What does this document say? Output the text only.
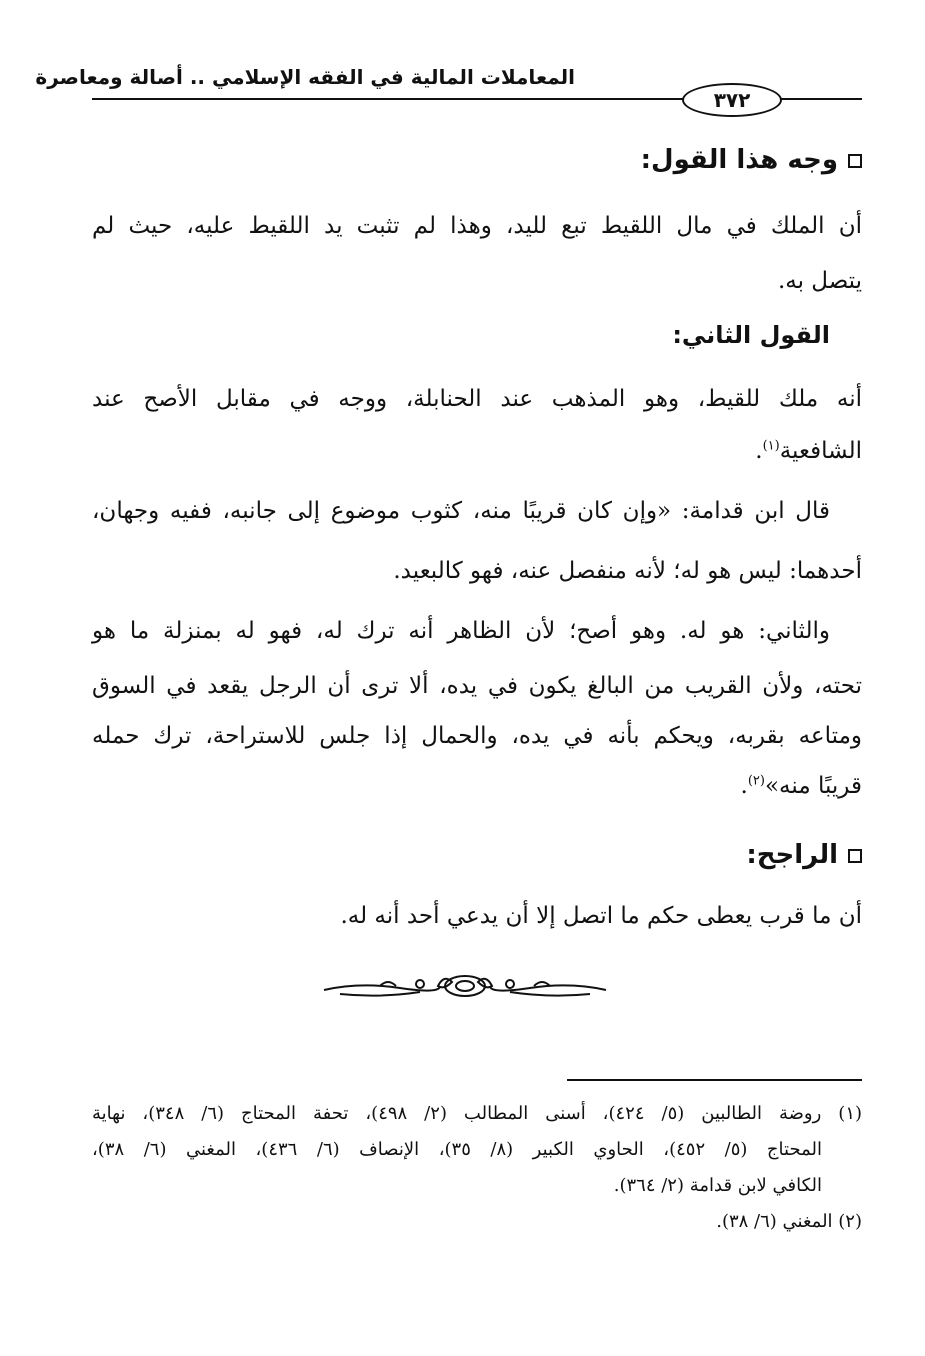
المعاملات المالية في الفقه الإسلامي .. أصالة ومعاصرة
٣٧٢
وجه هذا القول:
أن الملك في مال اللقيط تبع لليد، وهذا لم تثبت يد اللقيط عليه، حيث لم
يتصل به.
القول الثاني:
أنه ملك للقيط، وهو المذهب عند الحنابلة، ووجه في مقابل الأصح عند
الشافعية$^{(١)}$.
قال ابن قدامة: «وإن كان قريبًا منه، كثوب موضوع إلى جانبه، ففيه وجهان،
أحدهما: ليس هو له؛ لأنه منفصل عنه، فهو كالبعيد.
والثاني: هو له. وهو أصح؛ لأن الظاهر أنه ترك له، فهو له بمنزلة ما هو
تحته، ولأن القريب من البالغ يكون في يده، ألا ترى أن الرجل يقعد في السوق
ومتاعه بقربه، ويحكم بأنه في يده، والحمال إذا جلس للاستراحة، ترك حمله
قريبًا منه»$^{(٢)}$.
الراجح:
أن ما قرب يعطى حكم ما اتصل إلا أن يدعي أحد أنه له.
(١) روضة الطالبين (٥/ ٤٢٤)، أسنى المطالب (٢/ ٤٩٨)، تحفة المحتاج (٦/ ٣٤٨)، نهاية
المحتاج (٥/ ٤٥٢)، الحاوي الكبير (٨/ ٣٥)، الإنصاف (٦/ ٤٣٦)، المغني (٦/ ٣٨)،
الكافي لابن قدامة (٢/ ٣٦٤).
(٢) المغني (٦/ ٣٨).
